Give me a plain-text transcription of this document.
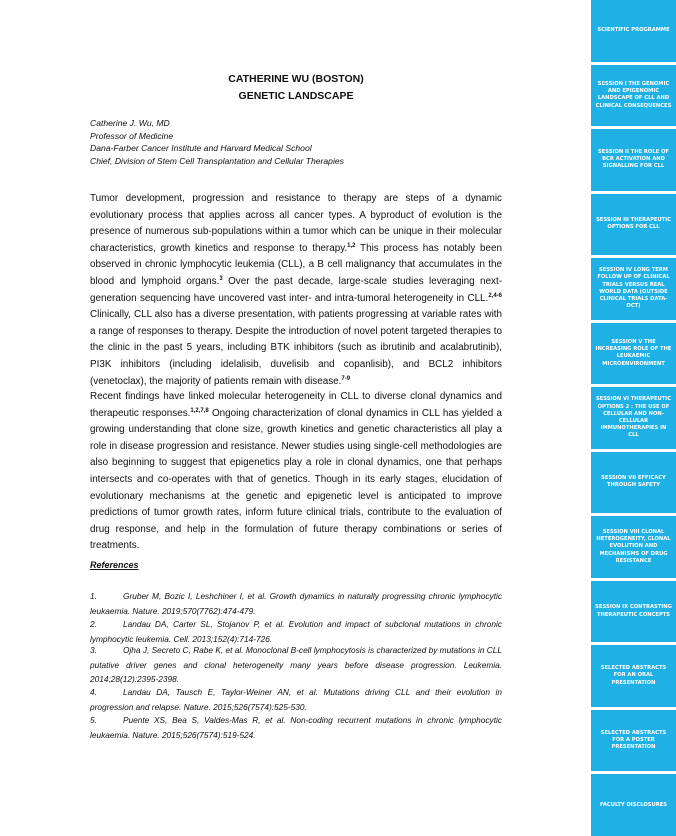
CATHERINE WU (BOSTON)
GENETIC LANDSCAPE
Catherine J. Wu, MD
Professor of Medicine
Dana-Farber Cancer Institute and Harvard Medical School
Chief, Division of Stem Cell Transplantation and Cellular Therapies

Tumor development, progression and resistance to therapy are steps of a dynamic evolutionary process that applies across all cancer types. A byproduct of evolution is the presence of numerous sub-populations within a tumor which can be unique in their molecular characteristics, growth kinetics and response to therapy.$^{1,2}$ This process has notably been observed in chronic lymphocytic leukemia (CLL), a B cell malignancy that accumulates in the blood and lymphoid organs.$^3$ Over the past decade, large-scale studies leveraging next-generation sequencing have uncovered vast inter- and intra-tumoral heterogeneity in CLL.$^{2,4-6}$ Clinically, CLL also has a diverse presentation, with patients progressing at variable rates with a range of responses to therapy. Despite the introduction of novel potent targeted therapies to the clinic in the past 5 years, including BTK inhibitors (such as ibrutinib and acalabrutinib), PI3K inhibitors (including idelalisib, duvelisib and copanlisib), and BCL2 inhibitors (venetoclax), the majority of patients remain with disease.$^{7-9}$

Recent findings have linked molecular heterogeneity in CLL to diverse clonal dynamics and therapeutic responses.$^{1,2,7,8}$ Ongoing characterization of clonal dynamics in CLL has yielded a growing understanding that clone size, growth kinetics and genetic characteristics all play a role in disease progression and resistance. Newer studies using single-cell methodologies are also beginning to suggest that epigenetics play a role in clonal dynamics, one that perhaps intersects and co-operates with that of genetics. Though in its early stages, elucidation of evolutionary mechanisms at the genetic and epigenetic level is anticipated to improve predictions of tumor growth rates, inform future clinical trials, contribute to the evaluation of drug response, and help in the formulation of future therapy combinations or series of treatments.

References
1.	Gruber M, Bozic I, Leshchiner I, et al. Growth dynamics in naturally progressing chronic lymphocytic leukaemia. Nature. 2019;570(7762):474-479.
2.	Landau DA, Carter SL, Stojanov P, et al. Evolution and impact of subclonal mutations in chronic lymphocytic leukemia. Cell. 2013;152(4):714-726.
3.	Ojha J, Secreto C, Rabe K, et al. Monoclonal B-cell lymphocytosis is characterized by mutations in CLL putative driver genes and clonal heterogeneity many years before disease progression. Leukemia. 2014;28(12):2395-2398.
4.	Landau DA, Tausch E, Taylor-Weiner AN, et al. Mutations driving CLL and their evolution in progression and relapse. Nature. 2015;526(7574):525-530.
5.	Puente XS, Bea S, Valdes-Mas R, et al. Non-coding recurrent mutations in chronic lymphocytic leukaemia. Nature. 2015;526(7574):519-524.
SCIENTIFIC PROGRAMME
SESSION I THE GENOMIC AND EPIGENOMIC LANDSCAPE OF CLL AND CLINICAL CONSEQUENCES
SESSION II THE ROLE OF BCR ACTIVATION AND SIGNALLING FOR CLL
SESSION III THERAPEUTIC OPTIONS FOR CLL
SESSION IV LONG TERM FOLLOW UP OF CLINICAL TRIALS VERSUS REAL WORLD DATA (OUTSIDE CLINICAL TRIALS DATA-OCT)
SESSION V THE INCREASING ROLE OF THE LEUKAEMIC MICROENVIRONMENT
SESSION VI THERAPEUTIC OPTIONS 2 : THE USE OF CELLULAR AND NON-CELLULAR IMMUNOTHERAPIES IN CLL
SESSION VII EFFICACY THROUGH SAFETY
SESSION VIII CLONAL HETEROGENEITY, CLONAL EVOLUTION AND MECHANISMS OF DRUG RESISTANCE
SESSION IX CONTRASTING THERAPEUTIC CONCEPTS
SELECTED ABSTRACTS FOR AN ORAL PRESENTATION
SELECTED ABSTRACTS FOR A POSTER PRESENTATION
FACULTY DISCLOSURES
